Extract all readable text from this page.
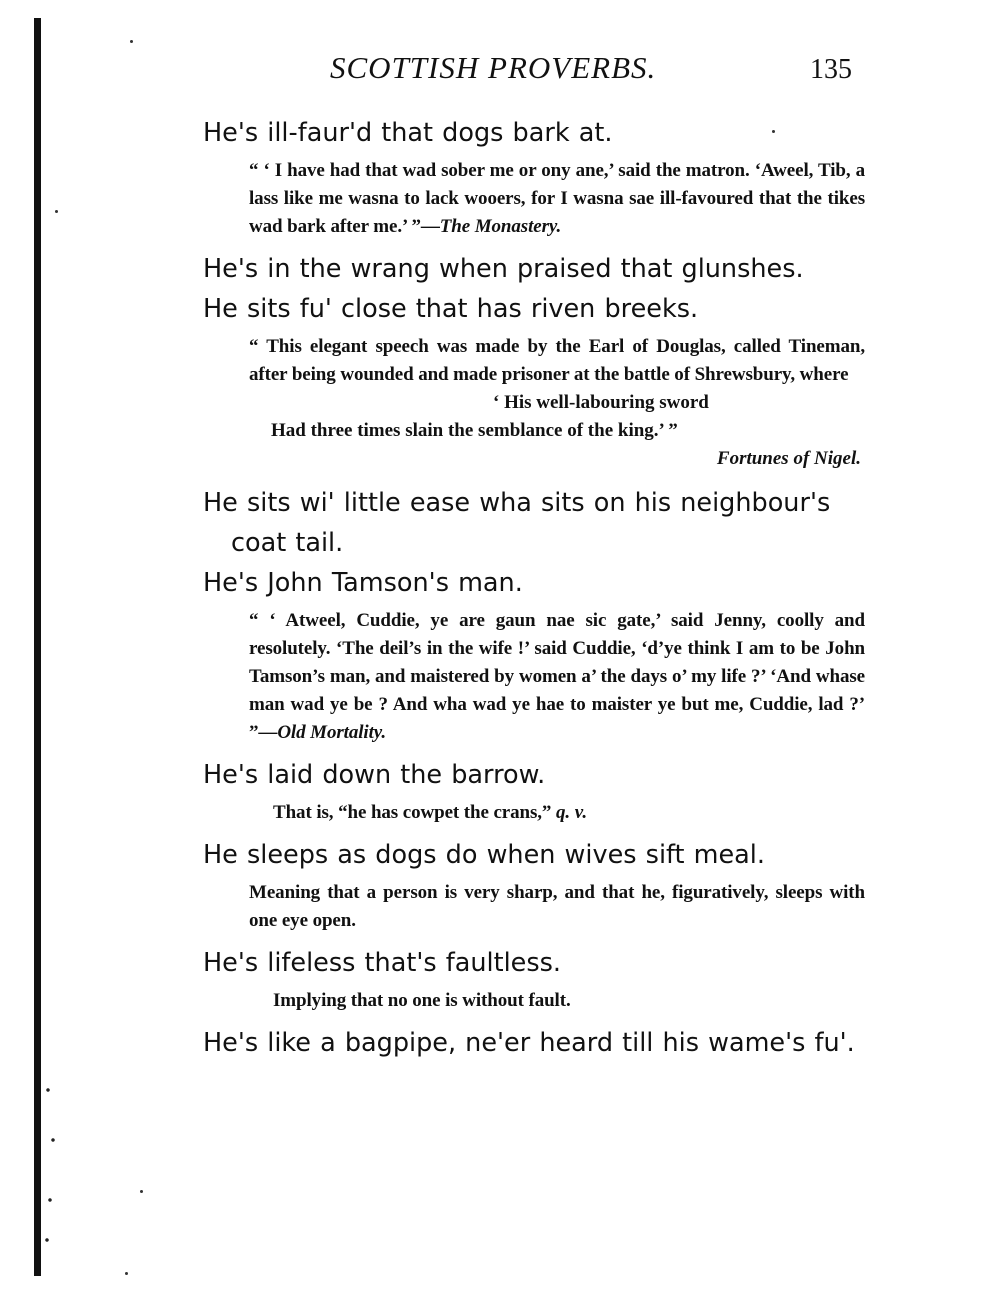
SCOTTISH PROVERBS.	135

He's ill-faur'd that dogs bark at.

“ ‘ I have had that wad sober me or ony ane,’ said the matron. ‘Aweel, Tib, a lass like me wasna to lack wooers, for I wasna sae ill-favoured that the tikes wad bark after me.’ ”—The Monastery.

He's in the wrang when praised that glunshes.

He sits fu' close that has riven breeks.

“ This elegant speech was made by the Earl of Douglas, called Tineman, after being wounded and made prisoner at the battle of Shrewsbury, where

‘ His well-labouring sword

Had three times slain the semblance of the king.’ ”

Fortunes of Nigel.

He sits wi' little ease wha sits on his neighbour's coat tail.

He's John Tamson's man.

“ ‘ Atweel, Cuddie, ye are gaun nae sic gate,’ said Jenny, coolly and resolutely. ‘The deil’s in the wife !’ said Cuddie, ‘d’ye think I am to be John Tamson’s man, and maistered by women a’ the days o’ my life ?’ ‘And whase man wad ye be ? And wha wad ye hae to maister ye but me, Cuddie, lad ?’ ”—Old Mortality.

He's laid down the barrow.

That is, “he has cowpet the crans,” q. v.

He sleeps as dogs do when wives sift meal.

Meaning that a person is very sharp, and that he, figuratively, sleeps with one eye open.

He's lifeless that's faultless.

Implying that no one is without fault.

He's like a bagpipe, ne'er heard till his wame's fu'.
